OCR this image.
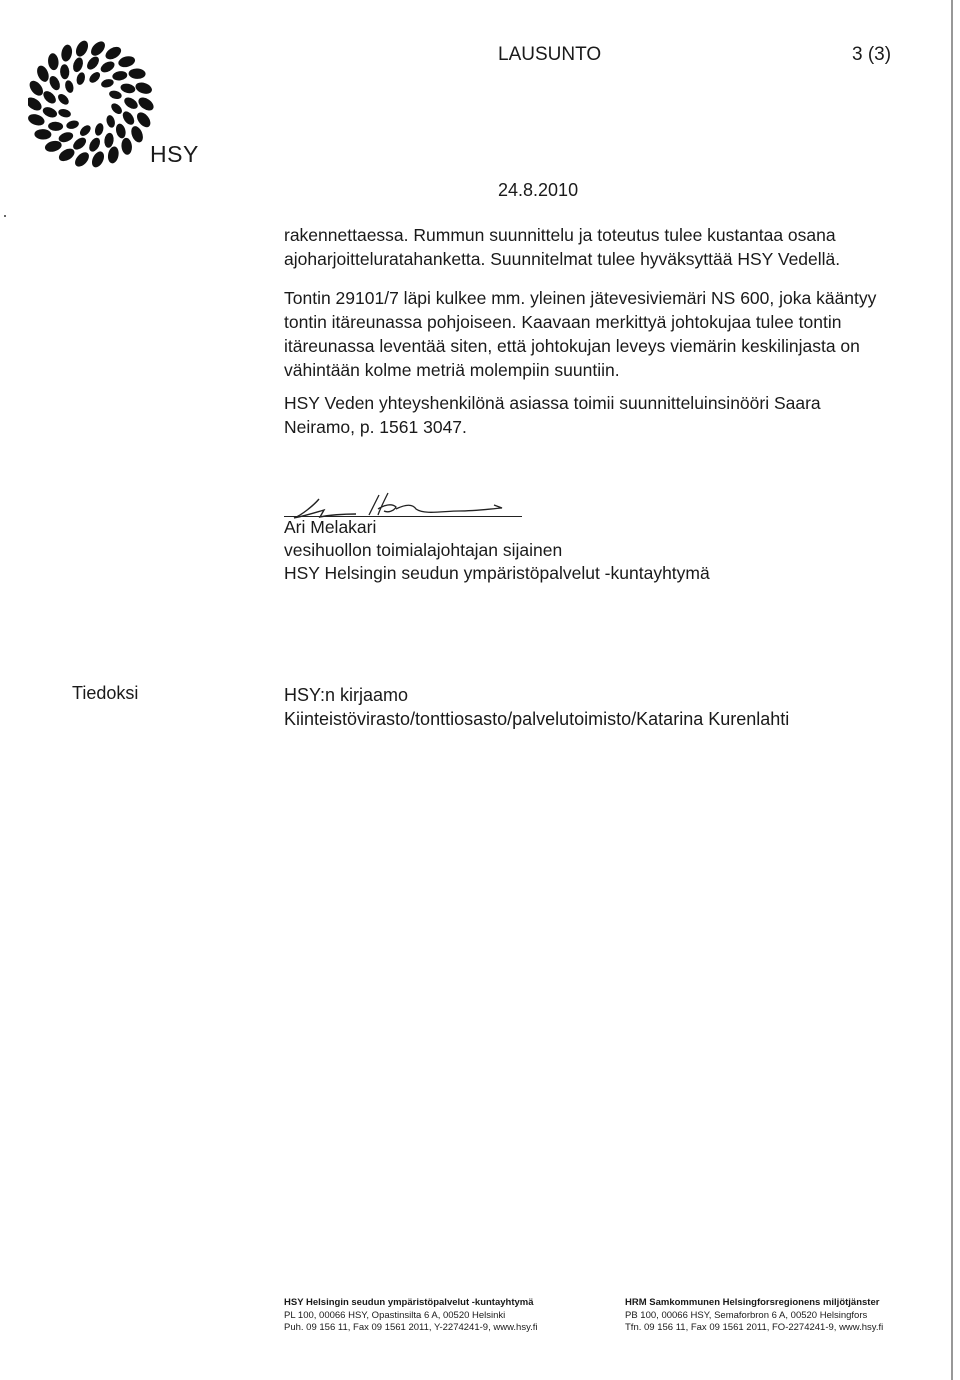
HSY
LAUSUNTO	3 (3)
24.8.2010
rakennettaessa. Rummun suunnittelu ja toteutus tulee kustantaa osana
ajoharjoitteluratahanketta. Suunnitelmat tulee hyväksyttää HSY Vedellä.
Tontin 29101/7 läpi kulkee mm. yleinen jätevesiviemäri NS 600, joka kääntyy
tontin itäreunassa pohjoiseen. Kaavaan merkittyä johtokujaa tulee tontin
itäreunassa leventää siten, että johtokujan leveys viemärin keskilinjasta on
vähintään kolme metriä molempiin suuntiin.
HSY Veden yhteyshenkilönä asiassa toimii suunnitteluinsinööri Saara
Neiramo, p. 1561 3047.
Ari Melakari
vesihuollon toimialajohtajan sijainen
HSY Helsingin seudun ympäristöpalvelut -kuntayhtymä
Tiedoksi	HSY:n kirjaamo
Kiinteistövirasto/tonttiosasto/palvelutoimisto/Katarina Kurenlahti
HSY Helsingin seudun ympäristöpalvelut -kuntayhtymä
PL 100, 00066 HSY, Opastinsilta 6 A, 00520 Helsinki
Puh. 09 156 11, Fax 09 1561 2011, Y-2274241-9, www.hsy.fi
HRM Samkommunen Helsingforsregionens miljötjänster
PB 100, 00066 HSY, Semaforbron 6 A, 00520 Helsingfors
Tfn. 09 156 11, Fax 09 1561 2011, FO-2274241-9, www.hsy.fi
